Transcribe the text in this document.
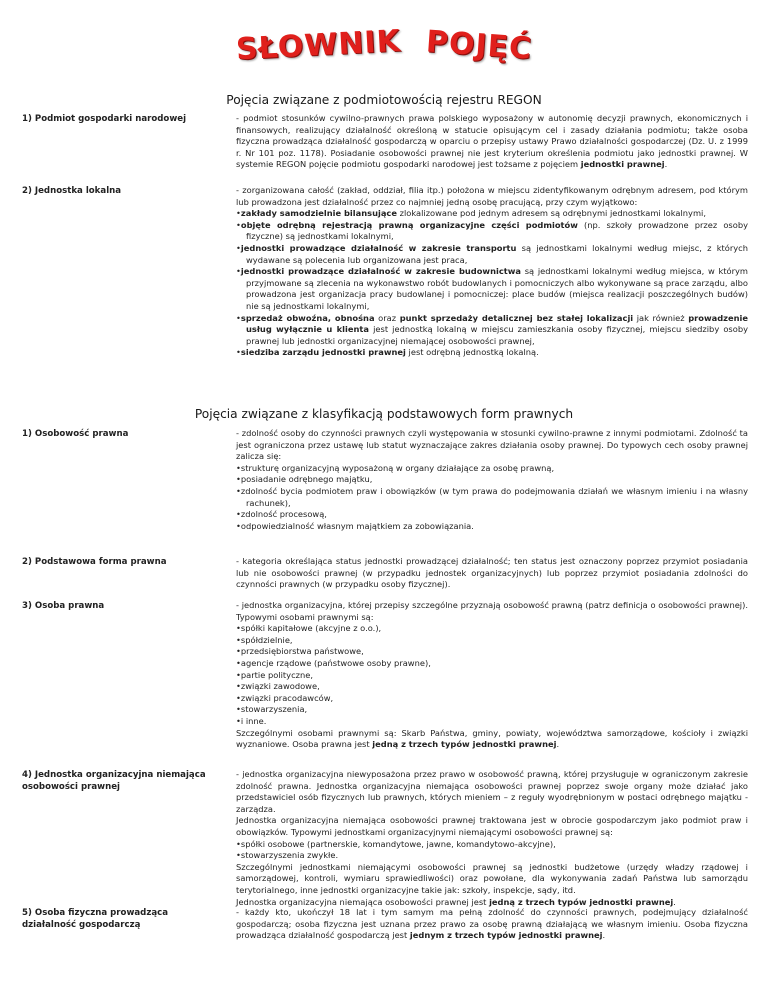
SŁOWNIK POJĘĆ
Pojęcia związane z podmiotowością rejestru REGON
1) Podmiot gospodarki narodowej	- podmiot stosunków cywilno-prawnych prawa polskiego wyposażony w autonomię decyzji prawnych, ekonomicznych i finansowych, realizujący działalność określoną w statucie opisującym cel i zasady działania podmiotu; także osoba fizyczna prowadząca działalność gospodarczą w oparciu o przepisy ustawy Prawo działalności gospodarczej (Dz. U. z 1999 r. Nr 101 poz. 1178). Posiadanie osobowości prawnej nie jest kryterium określenia podmiotu jako jednostki prawnej. W systemie REGON pojęcie podmiotu gospodarki narodowej jest tożsame z pojęciem jednostki prawnej.
2) Jednostka lokalna	- zorganizowana całość (zakład, oddział, filia itp.) położona w miejscu zidentyfikowanym odrębnym adresem, pod którym lub prowadzona jest działalność przez co najmniej jedną osobę pracującą, przy czym wyjątkowo:
• zakłady samodzielnie bilansujące zlokalizowane pod jednym adresem są odrębnymi jednostkami lokalnymi,
• objęte odrębną rejestracją prawną organizacyjne części podmiotów (np. szkoły prowadzone przez osoby fizyczne) są jednostkami lokalnymi,
• jednostki prowadzące działalność w zakresie transportu są jednostkami lokalnymi według miejsc, z których wydawane są polecenia lub organizowana jest praca,
• jednostki prowadzące działalność w zakresie budownictwa są jednostkami lokalnymi według miejsca, w którym przyjmowane są zlecenia na wykonawstwo robót budowlanych i pomocniczych albo wykonywane są prace zarządu, albo prowadzona jest organizacja pracy budowlanej i pomocniczej: place budów (miejsca realizacji poszczególnych budów) nie są jednostkami lokalnymi,
• sprzedaż obwoźna, obnośna oraz punkt sprzedaży detalicznej bez stałej lokalizacji jak również prowadzenie usług wyłącznie u klienta jest jednostką lokalną w miejscu zamieszkania osoby fizycznej, miejscu siedziby osoby prawnej lub jednostki organizacyjnej niemającej osobowości prawnej,
• siedziba zarządu jednostki prawnej jest odrębną jednostką lokalną.
Pojęcia związane z klasyfikacją podstawowych form prawnych
1) Osobowość prawna	- zdolność osoby do czynności prawnych czyli występowania w stosunki cywilno-prawne z innymi podmiotami. Zdolność ta jest ograniczona przez ustawę lub statut wyznaczające zakres działania osoby prawnej. Do typowych cech osoby prawnej zalicza się:
• strukturę organizacyjną wyposażoną w organy działające za osobę prawną,
• posiadanie odrębnego majątku,
• zdolność bycia podmiotem praw i obowiązków (w tym prawa do podejmowania działań we własnym imieniu i na własny rachunek),
• zdolność procesową,
• odpowiedzialność własnym majątkiem za zobowiązania.
2) Podstawowa forma prawna	- kategoria określająca status jednostki prowadzącej działalność; ten status jest oznaczony poprzez przymiot posiadania lub nie osobowości prawnej (w przypadku jednostek organizacyjnych) lub poprzez przymiot posiadania zdolności do czynności prawnych (w przypadku osoby fizycznej).
3) Osoba prawna	- jednostka organizacyjna, której przepisy szczególne przyznają osobowość prawną (patrz definicja o osobowości prawnej). Typowymi osobami prawnymi są:
• spółki kapitałowe (akcyjne z o.o.),
• spółdzielnie,
• przedsiębiorstwa państwowe,
• agencje rządowe (państwowe osoby prawne),
• partie polityczne,
• związki zawodowe,
• związki pracodawców,
• stowarzyszenia,
• i inne.
Szczególnymi osobami prawnymi są: Skarb Państwa, gminy, powiaty, województwa samorządowe, kościoły i związki wyznaniowe. Osoba prawna jest jedną z trzech typów jednostki prawnej.
4) Jednostka organizacyjna niemająca osobowości prawnej
- jednostka organizacyjna niewyposażona przez prawo w osobowość prawną, której przysługuje w ograniczonym zakresie zdolność prawna. Jednostka organizacyjna niemająca osobowości prawnej poprzez swoje organy może działać jako przedstawiciel osób fizycznych lub prawnych, których mieniem – z reguły wyodrębnionym w postaci odrębnego majątku - zarządza.
Jednostka organizacyjna niemająca osobowości prawnej traktowana jest w obrocie gospodarczym jako podmiot praw i obowiązków. Typowymi jednostkami organizacyjnymi niemającymi osobowości prawnej są:
• spółki osobowe (partnerskie, komandytowe, jawne, komandytowo-akcyjne),
• stowarzyszenia zwykłe.
Szczególnymi jednostkami niemającymi osobowości prawnej są jednostki budżetowe (urzędy władzy rządowej i samorządowej, kontroli, wymiaru sprawiedliwości) oraz powołane, dla wykonywania zadań Państwa lub samorządu terytorialnego, inne jednostki organizacyjne takie jak: szkoły, inspekcje, sądy, itd.
Jednostka organizacyjna niemająca osobowości prawnej jest jedną z trzech typów jednostki prawnej.
5) Osoba fizyczna prowadząca działalność gospodarczą
- każdy kto, ukończył 18 lat i tym samym ma pełną zdolność do czynności prawnych, podejmujący działalność gospodarczą; osoba fizyczna jest uznana przez prawo za osobę prawną działającą we własnym imieniu. Osoba fizyczna prowadząca działalność gospodarczą jest jednym z trzech typów jednostki prawnej.
